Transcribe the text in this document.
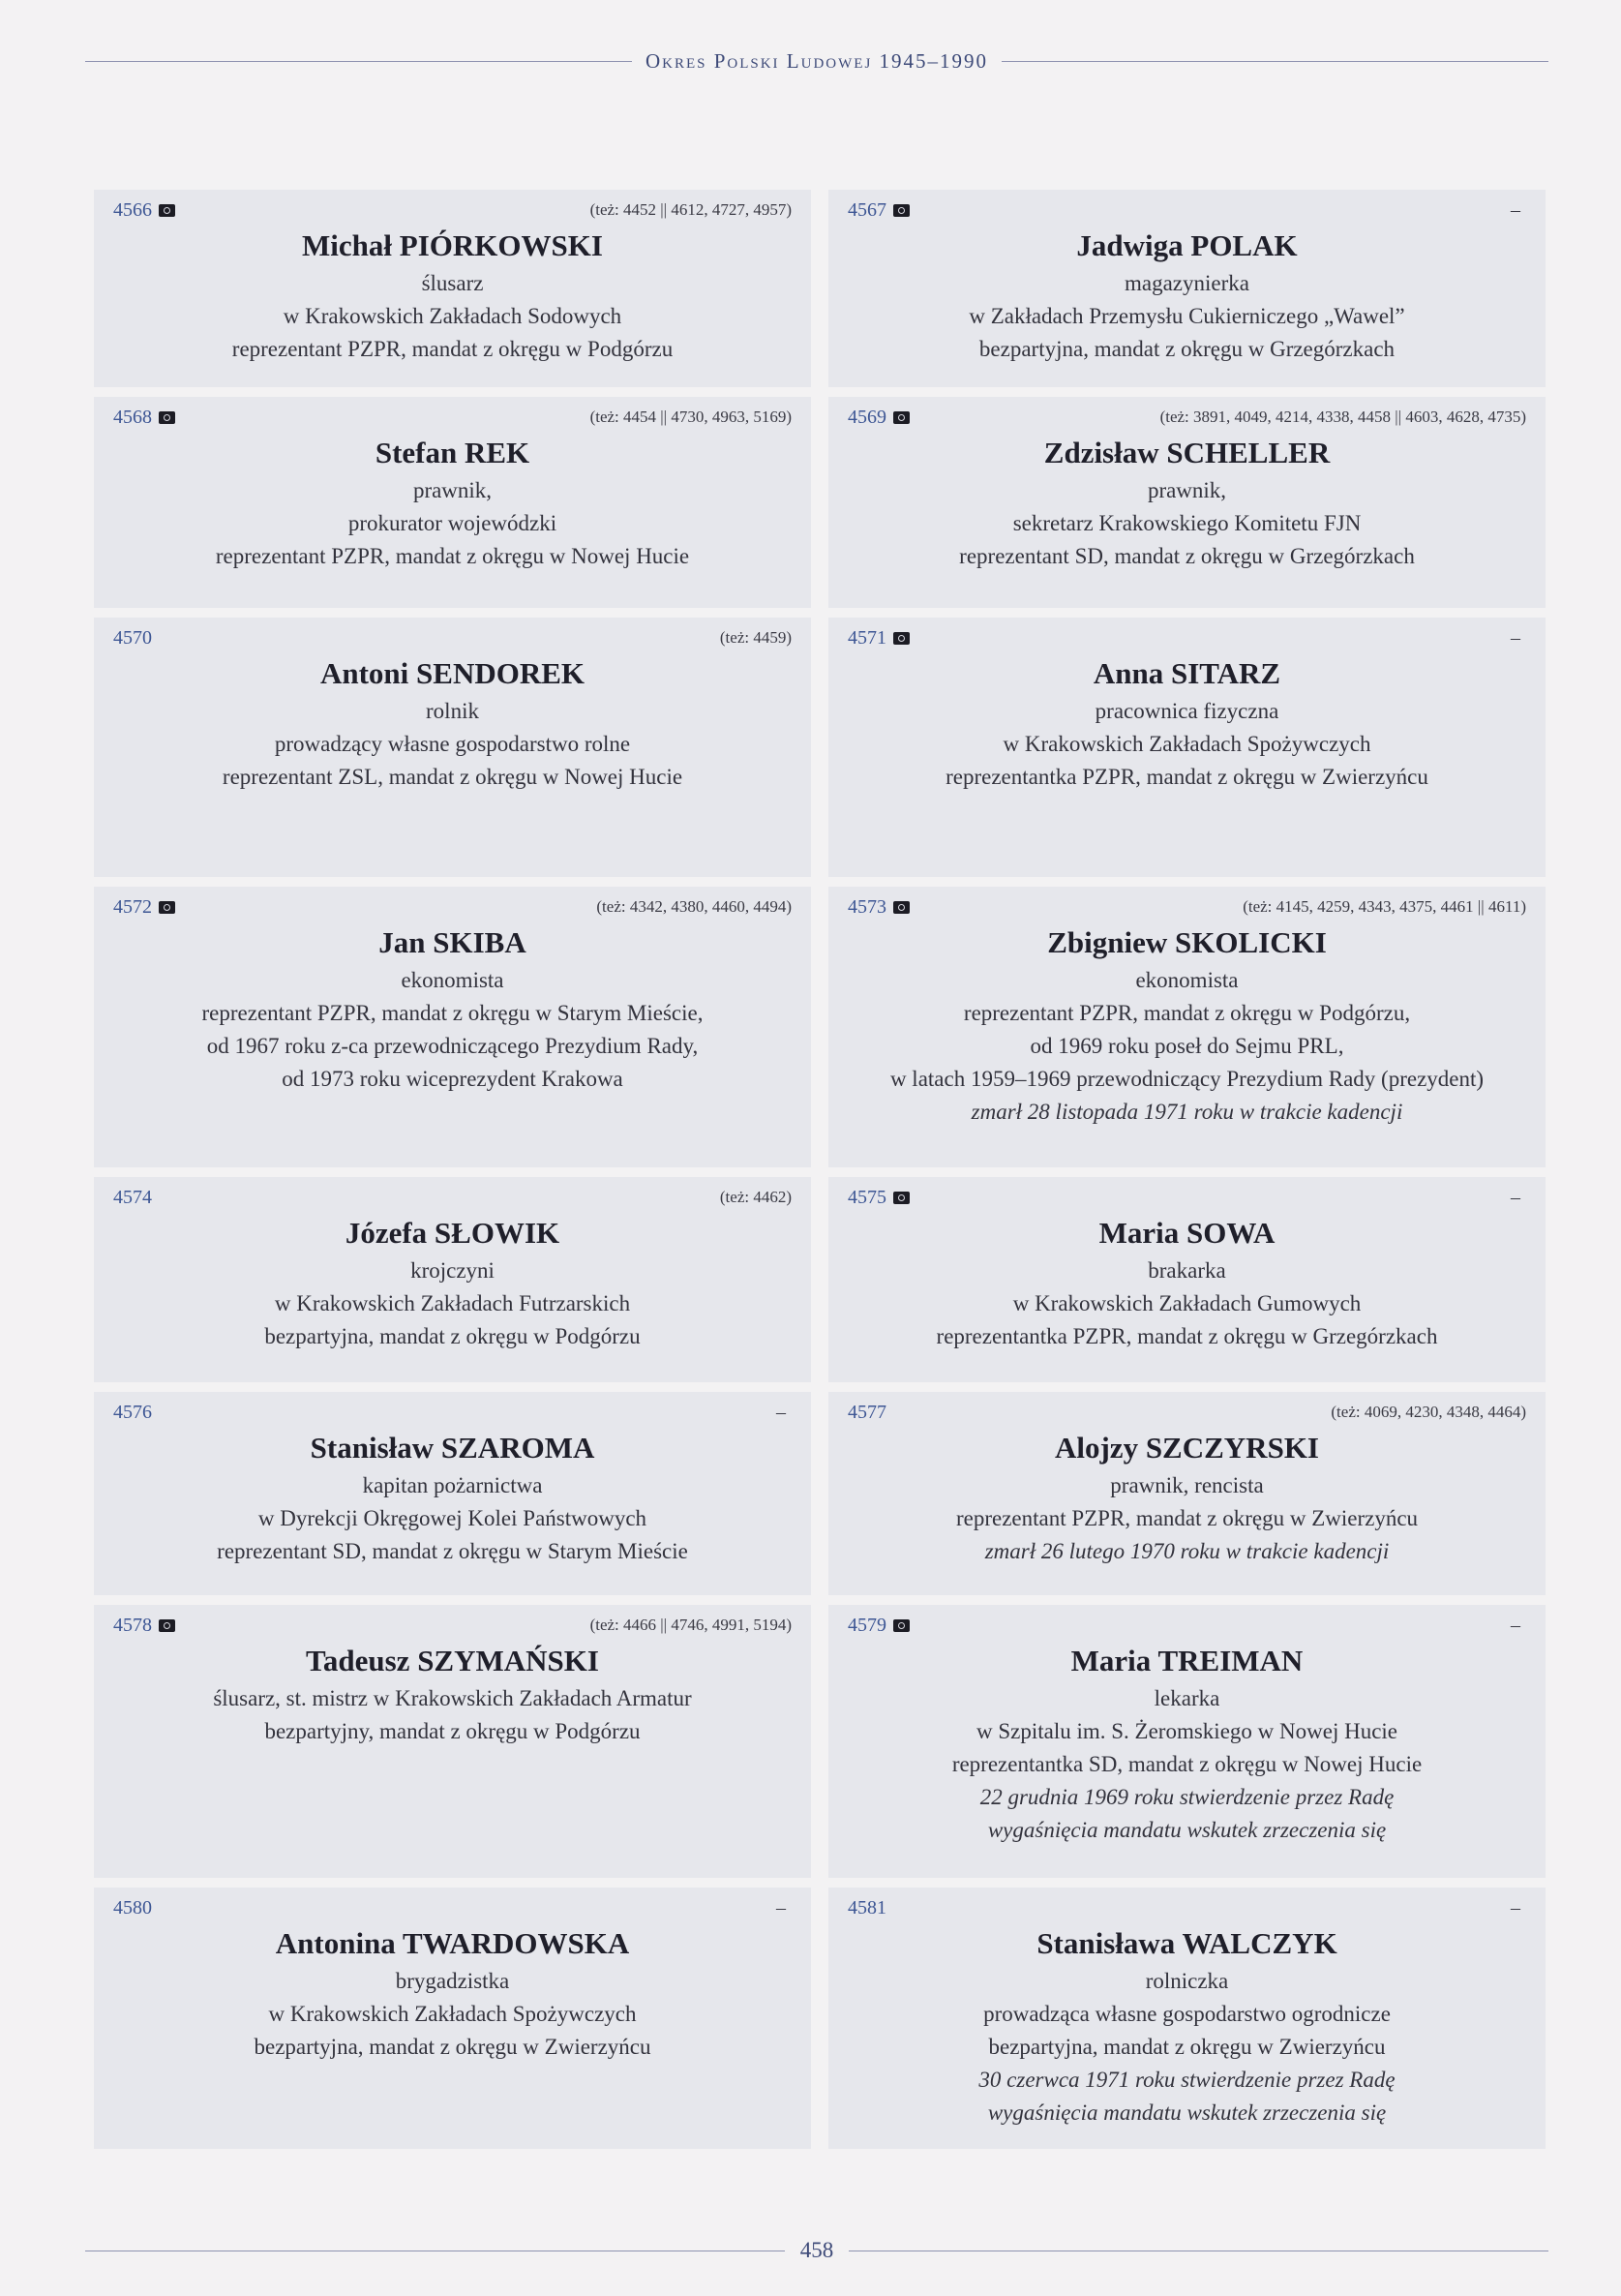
Okres Polski Ludowej 1945–1990
4566	(też: 4452 || 4612, 4727, 4957)
Michał PIÓRKOWSKI
ślusarz
w Krakowskich Zakładach Sodowych
reprezentant PZPR, mandat z okręgu w Podgórzu
4567	–
Jadwiga POLAK
magazynierka
w Zakładach Przemysłu Cukierniczego „Wawel”
bezpartyjna, mandat z okręgu w Grzegórzkach
4568	(też: 4454 || 4730, 4963, 5169)
Stefan REK
prawnik,
prokurator wojewódzki
reprezentant PZPR, mandat z okręgu w Nowej Hucie
4569	(też: 3891, 4049, 4214, 4338, 4458 || 4603, 4628, 4735)
Zdzisław SCHELLER
prawnik,
sekretarz Krakowskiego Komitetu FJN
reprezentant SD, mandat z okręgu w Grzegórzkach
4570	(też: 4459)
Antoni SENDOREK
rolnik
prowadzący własne gospodarstwo rolne
reprezentant ZSL, mandat z okręgu w Nowej Hucie
4571	–
Anna SITARZ
pracownica fizyczna
w Krakowskich Zakładach Spożywczych
reprezentantka PZPR, mandat z okręgu w Zwierzyńcu
4572	(też: 4342, 4380, 4460, 4494)
Jan SKIBA
ekonomista
reprezentant PZPR, mandat z okręgu w Starym Mieście,
od 1967 roku z-ca przewodniczącego Prezydium Rady,
od 1973 roku wiceprezydent Krakowa
4573	(też: 4145, 4259, 4343, 4375, 4461 || 4611)
Zbigniew SKOLICKI
ekonomista
reprezentant PZPR, mandat z okręgu w Podgórzu,
od 1969 roku poseł do Sejmu PRL,
w latach 1959–1969 przewodniczący Prezydium Rady (prezydent)
zmarł 28 listopada 1971 roku w trakcie kadencji
4574	(też: 4462)
Józefa SŁOWIK
krojczyni
w Krakowskich Zakładach Futrzarskich
bezpartyjna, mandat z okręgu w Podgórzu
4575	–
Maria SOWA
brakarka
w Krakowskich Zakładach Gumowych
reprezentantka PZPR, mandat z okręgu w Grzegórzkach
4576	–
Stanisław SZAROMA
kapitan pożarnictwa
w Dyrekcji Okręgowej Kolei Państwowych
reprezentant SD, mandat z okręgu w Starym Mieście
4577	(też: 4069, 4230, 4348, 4464)
Alojzy SZCZYRSKI
prawnik, rencista
reprezentant PZPR, mandat z okręgu w Zwierzyńcu
zmarł 26 lutego 1970 roku w trakcie kadencji
4578	(też: 4466 || 4746, 4991, 5194)
Tadeusz SZYMAŃSKI
ślusarz, st. mistrz w Krakowskich Zakładach Armatur
bezpartyjny, mandat z okręgu w Podgórzu
4579	–
Maria TREIMAN
lekarka
w Szpitalu im. S. Żeromskiego w Nowej Hucie
reprezentantka SD, mandat z okręgu w Nowej Hucie
22 grudnia 1969 roku stwierdzenie przez Radę
wygaśnięcia mandatu wskutek zrzeczenia się
4580	–
Antonina TWARDOWSKA
brygadzistka
w Krakowskich Zakładach Spożywczych
bezpartyjna, mandat z okręgu w Zwierzyńcu
4581	–
Stanisława WALCZYK
rolniczka
prowadząca własne gospodarstwo ogrodnicze
bezpartyjna, mandat z okręgu w Zwierzyńcu
30 czerwca 1971 roku stwierdzenie przez Radę
wygaśnięcia mandatu wskutek zrzeczenia się
458
